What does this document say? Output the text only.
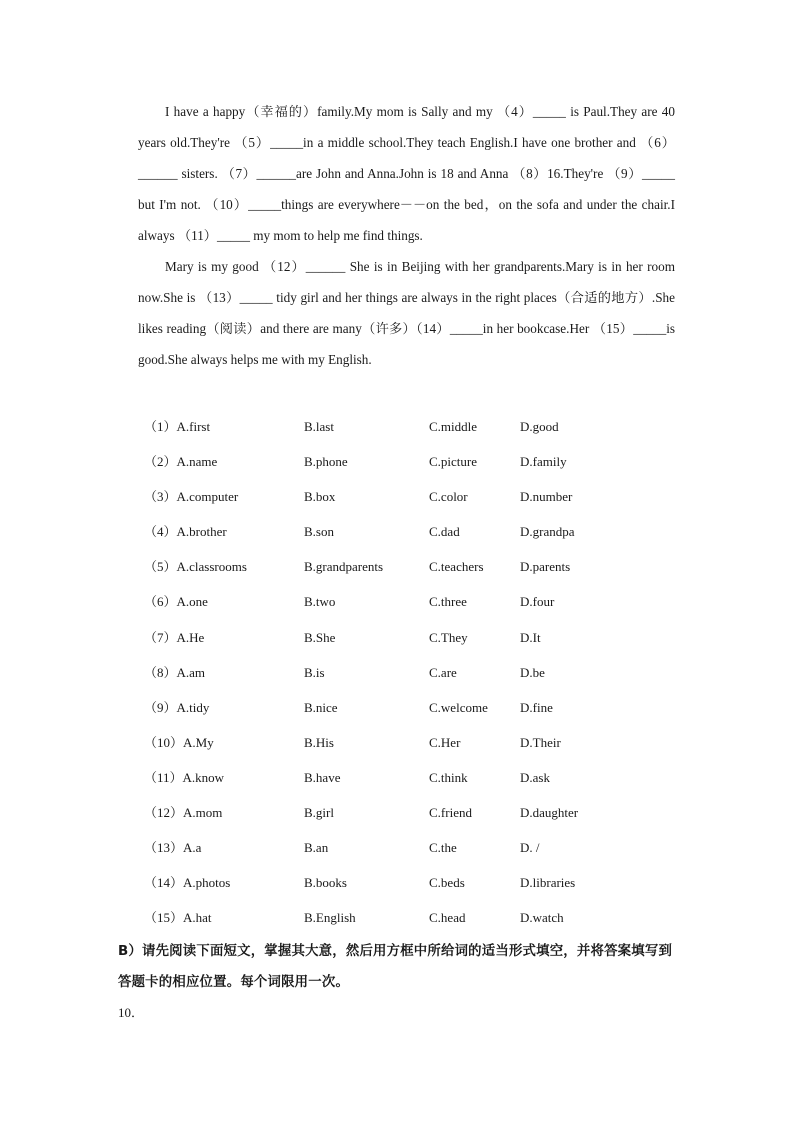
I have a happy（幸福的）family.My mom is Sally and my （4）_____ is Paul.They are 40 years old.They're （5）_____in a middle school.They teach English.I have one brother and （6）______ sisters. （7）______are John and Anna.John is 18 and Anna （8）16.They're （9）_____ but I'm not. （10）_____things are everywhere－－on the bed，on the sofa and under the chair.I always （11）_____ my mom to help me find things.

Mary is my good （12）______ She is in Beijing with her grandparents.Mary is in her room now.She is （13）_____ tidy girl and her things are always in the right places（合适的地方）.She likes reading（阅读）and there are many（许多）（14）_____in her bookcase.Her （15）_____is good.She always helps me with my English.

（1）A.first	B.last	C.middle	D.good
（2）A.name	B.phone	C.picture	D.family
（3）A.computer	B.box	C.color	D.number
（4）A.brother	B.son	C.dad	D.grandpa
（5）A.classrooms	B.grandparents	C.teachers	D.parents
（6）A.one	B.two	C.three	D.four
（7）A.He	B.She	C.They	D.It
（8）A.am	B.is	C.are	D.be
（9）A.tidy	B.nice	C.welcome D.fine
（10）A.My	B.His	C.Her	D.Their
（11）A.know	B.have	C.think	D.ask
（12）A.mom	B.girl	C.friend	D.daughter
（13）A.a	B.an	C.the	D. /
（14）A.photos	B.books	C.beds	D.libraries
（15）A.hat	B.English	C.head	D.watch

B）请先阅读下面短文，掌握其大意，然后用方框中所给词的适当形式填空，并将答案填写到答题卡的相应位置。每个词限用一次。

10．
